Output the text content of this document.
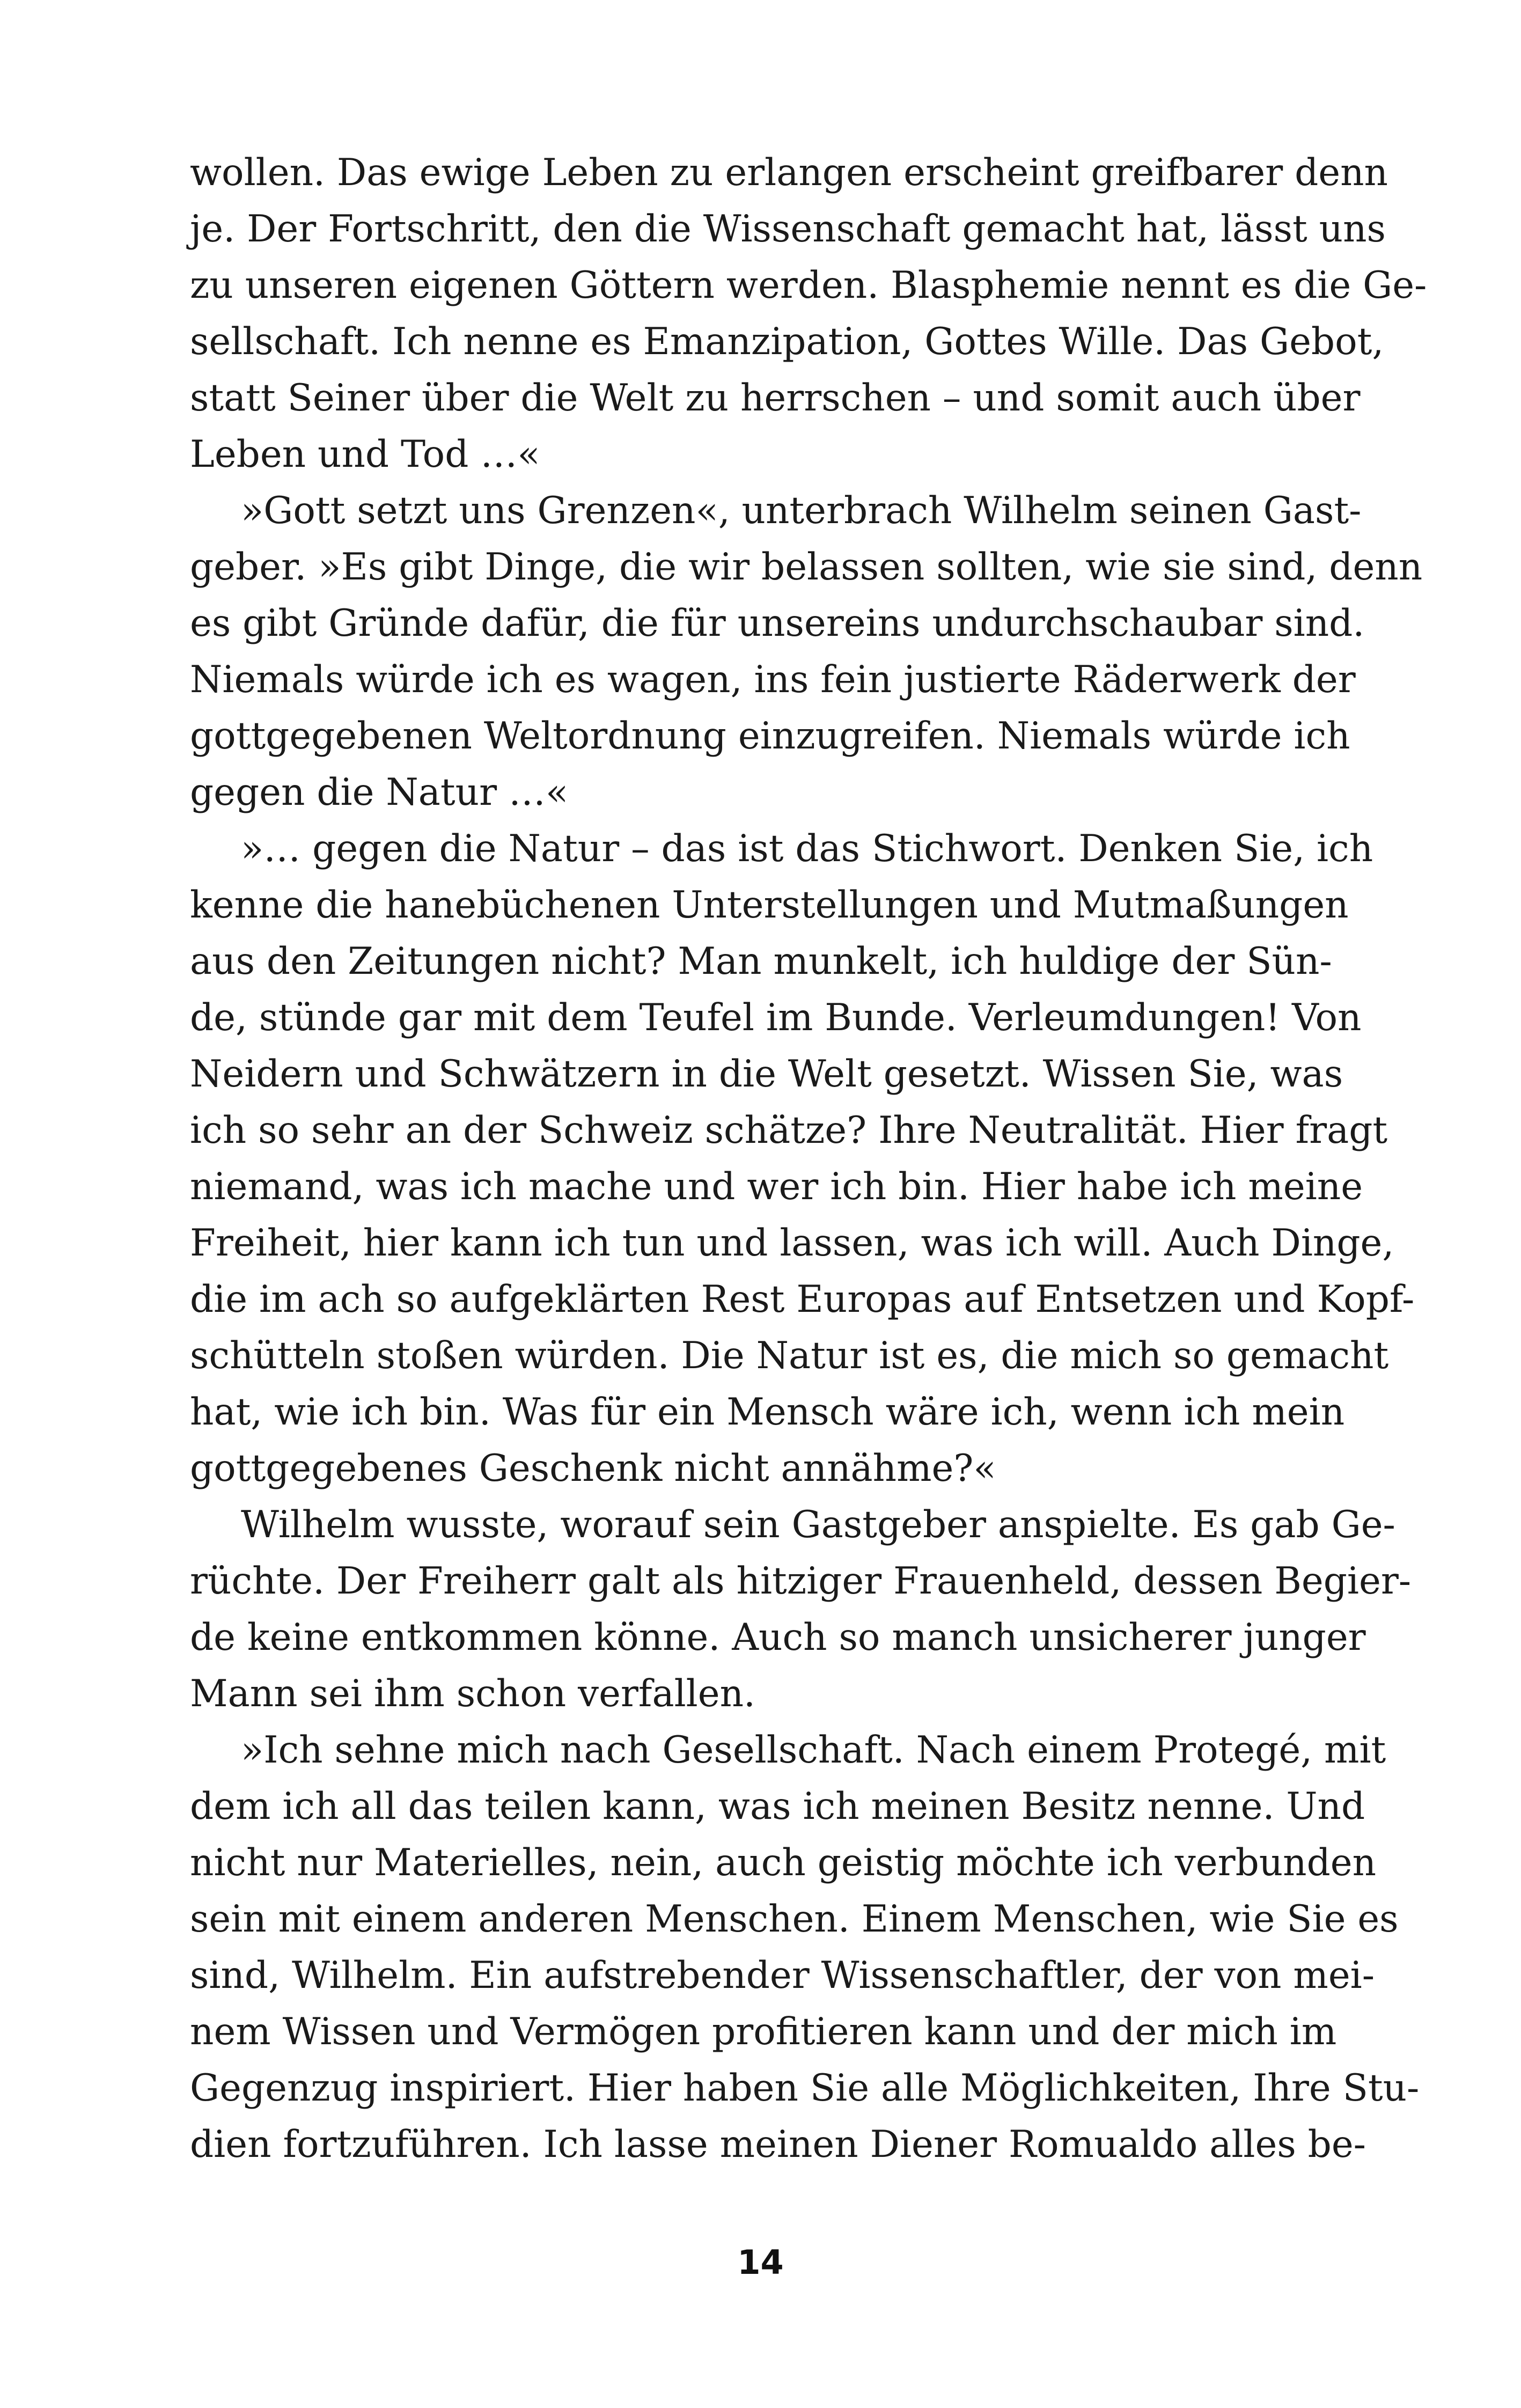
wollen. Das ewige Leben zu erlangen erscheint greifbarer denn
je. Der Fortschritt, den die Wissenschaft gemacht hat, lässt uns
zu unseren eigenen Göttern werden. Blasphemie nennt es die Ge-
sellschaft. Ich nenne es Emanzipation, Gottes Wille. Das Gebot,
statt Seiner über die Welt zu herrschen – und somit auch über
Leben und Tod …«
»Gott setzt uns Grenzen«, unterbrach Wilhelm seinen Gast-
geber. »Es gibt Dinge, die wir belassen sollten, wie sie sind, denn
es gibt Gründe dafür, die für unsereins undurchschaubar sind.
Niemals würde ich es wagen, ins fein justierte Räderwerk der
gottgegebenen Weltordnung einzugreifen. Niemals würde ich
gegen die Natur …«
»… gegen die Natur – das ist das Stichwort. Denken Sie, ich
kenne die hanebüchenen Unterstellungen und Mutmaßungen
aus den Zeitungen nicht? Man munkelt, ich huldige der Sün-
de, stünde gar mit dem Teufel im Bunde. Verleumdungen! Von
Neidern und Schwätzern in die Welt gesetzt. Wissen Sie, was
ich so sehr an der Schweiz schätze? Ihre Neutralität. Hier fragt
niemand, was ich mache und wer ich bin. Hier habe ich meine
Freiheit, hier kann ich tun und lassen, was ich will. Auch Dinge,
die im ach so aufgeklärten Rest Europas auf Entsetzen und Kopf-
schütteln stoßen würden. Die Natur ist es, die mich so gemacht
hat, wie ich bin. Was für ein Mensch wäre ich, wenn ich mein
gottgegebenes Geschenk nicht annähme?«
Wilhelm wusste, worauf sein Gastgeber anspielte. Es gab Ge-
rüchte. Der Freiherr galt als hitziger Frauenheld, dessen Begier-
de keine entkommen könne. Auch so manch unsicherer junger
Mann sei ihm schon verfallen.
»Ich sehne mich nach Gesellschaft. Nach einem Protegé, mit
dem ich all das teilen kann, was ich meinen Besitz nenne. Und
nicht nur Materielles, nein, auch geistig möchte ich verbunden
sein mit einem anderen Menschen. Einem Menschen, wie Sie es
sind, Wilhelm. Ein aufstrebender Wissenschaftler, der von mei-
nem Wissen und Vermögen profitieren kann und der mich im
Gegenzug inspiriert. Hier haben Sie alle Möglichkeiten, Ihre Stu-
dien fortzuführen. Ich lasse meinen Diener Romualdo alles be-
14
